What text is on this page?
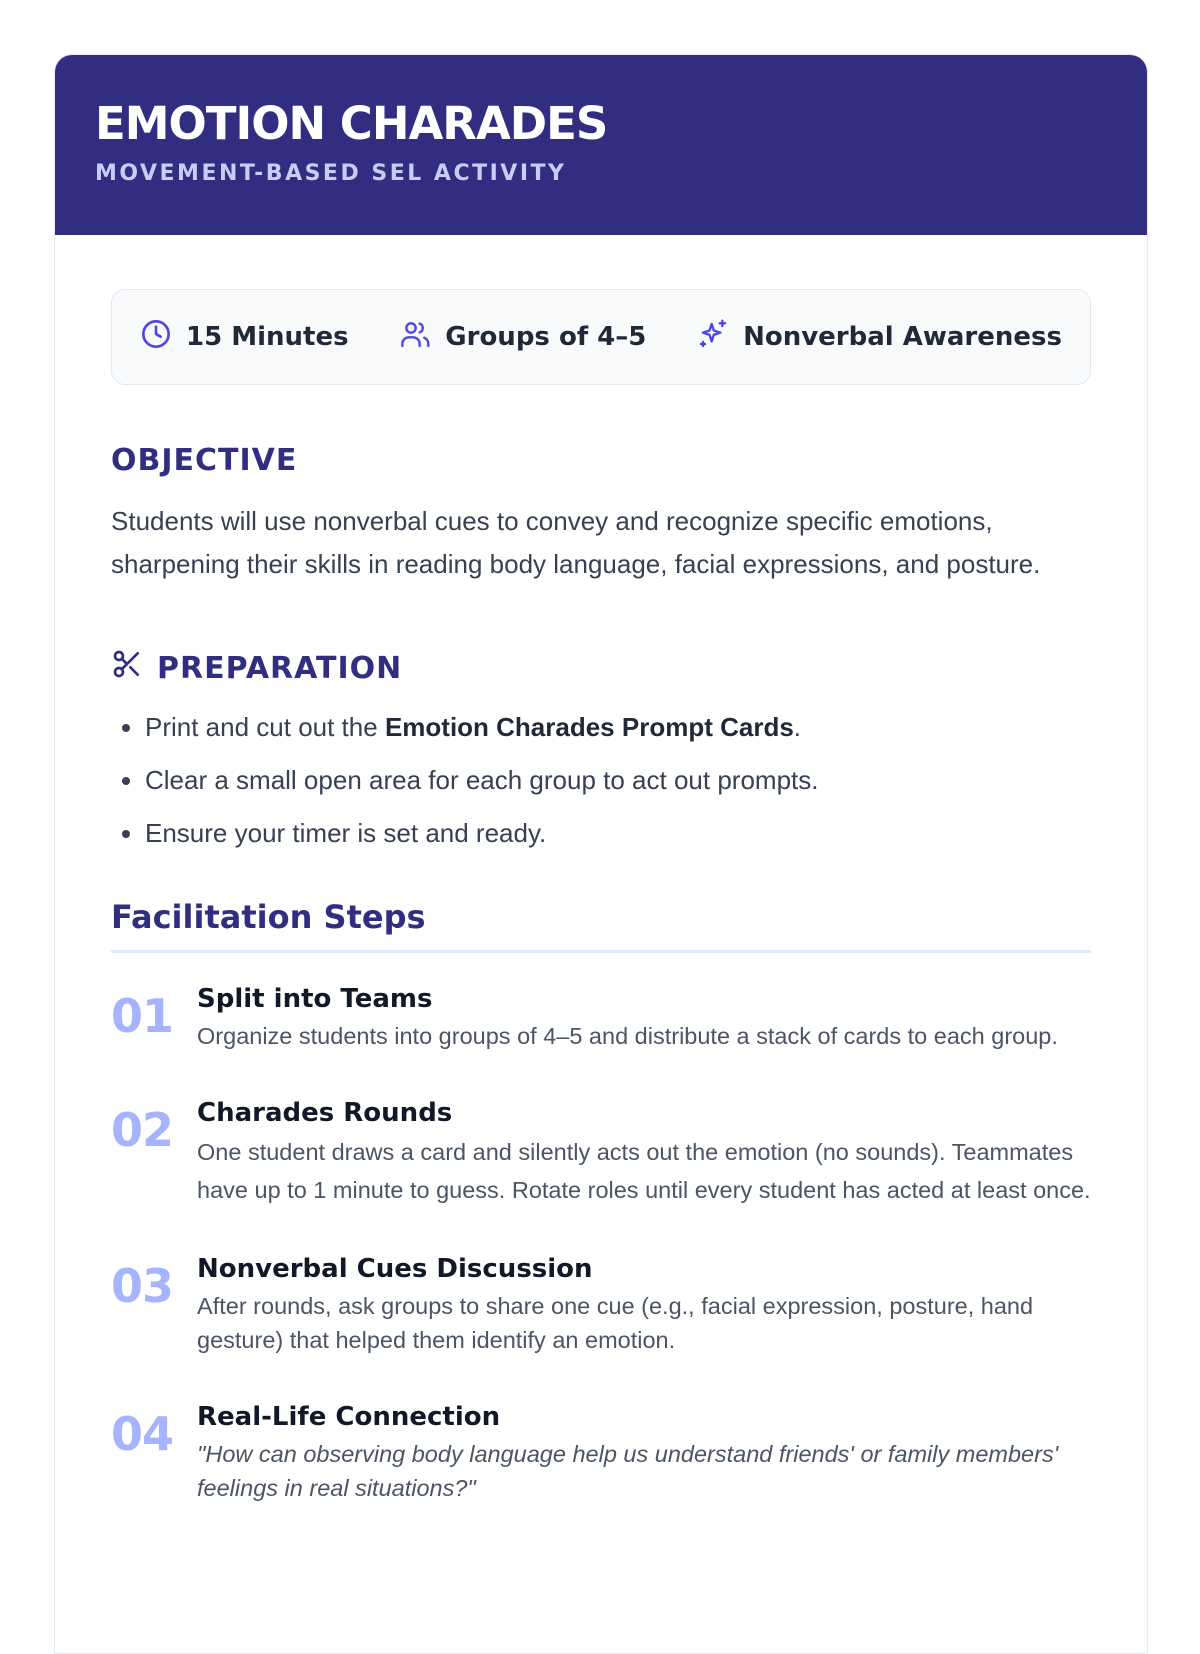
EMOTION CHARADES
MOVEMENT-BASED SEL ACTIVITY
15 Minutes	Groups of 4–5	Nonverbal Awareness
OBJECTIVE
Students will use nonverbal cues to convey and recognize specific emotions, sharpening their skills in reading body language, facial expressions, and posture.
PREPARATION
• Print and cut out the Emotion Charades Prompt Cards.
• Clear a small open area for each group to act out prompts.
• Ensure your timer is set and ready.
Facilitation Steps
01 Split into Teams
Organize students into groups of 4–5 and distribute a stack of cards to each group.
02 Charades Rounds
One student draws a card and silently acts out the emotion (no sounds). Teammates have up to 1 minute to guess. Rotate roles until every student has acted at least once.
03 Nonverbal Cues Discussion
After rounds, ask groups to share one cue (e.g., facial expression, posture, hand gesture) that helped them identify an emotion.
04 Real-Life Connection
"How can observing body language help us understand friends' or family members' feelings in real situations?"
